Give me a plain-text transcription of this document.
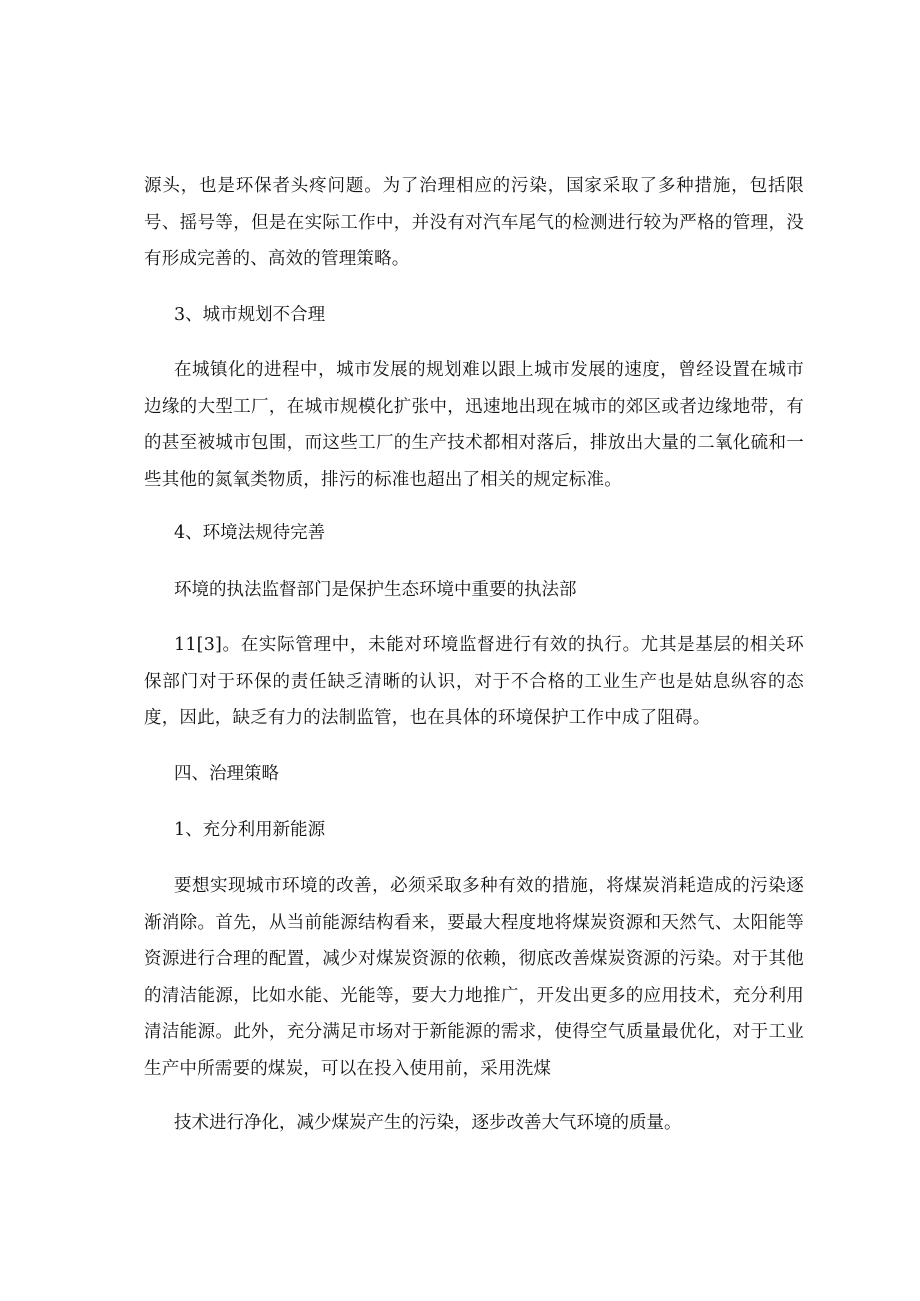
源头，也是环保者头疼问题。为了治理相应的污染，国家采取了多种措施，包括限号、摇号等，但是在实际工作中，并没有对汽车尾气的检测进行较为严格的管理，没有形成完善的、高效的管理策略。

3、城市规划不合理

在城镇化的进程中，城市发展的规划难以跟上城市发展的速度，曾经设置在城市边缘的大型工厂，在城市规模化扩张中，迅速地出现在城市的郊区或者边缘地带，有的甚至被城市包围，而这些工厂的生产技术都相对落后，排放出大量的二氧化硫和一些其他的氮氧类物质，排污的标准也超出了相关的规定标准。

4、环境法规待完善

环境的执法监督部门是保护生态环境中重要的执法部

11[3]。在实际管理中，未能对环境监督进行有效的执行。尤其是基层的相关环保部门对于环保的责任缺乏清晰的认识，对于不合格的工业生产也是姑息纵容的态度，因此，缺乏有力的法制监管，也在具体的环境保护工作中成了阻碍。

四、治理策略

1、充分利用新能源

要想实现城市环境的改善，必须采取多种有效的措施，将煤炭消耗造成的污染逐渐消除。首先，从当前能源结构看来，要最大程度地将煤炭资源和天然气、太阳能等资源进行合理的配置，减少对煤炭资源的依赖，彻底改善煤炭资源的污染。对于其他的清洁能源，比如水能、光能等，要大力地推广，开发出更多的应用技术，充分利用清洁能源。此外，充分满足市场对于新能源的需求，使得空气质量最优化，对于工业生产中所需要的煤炭，可以在投入使用前，采用洗煤

技术进行净化，减少煤炭产生的污染，逐步改善大气环境的质量。
